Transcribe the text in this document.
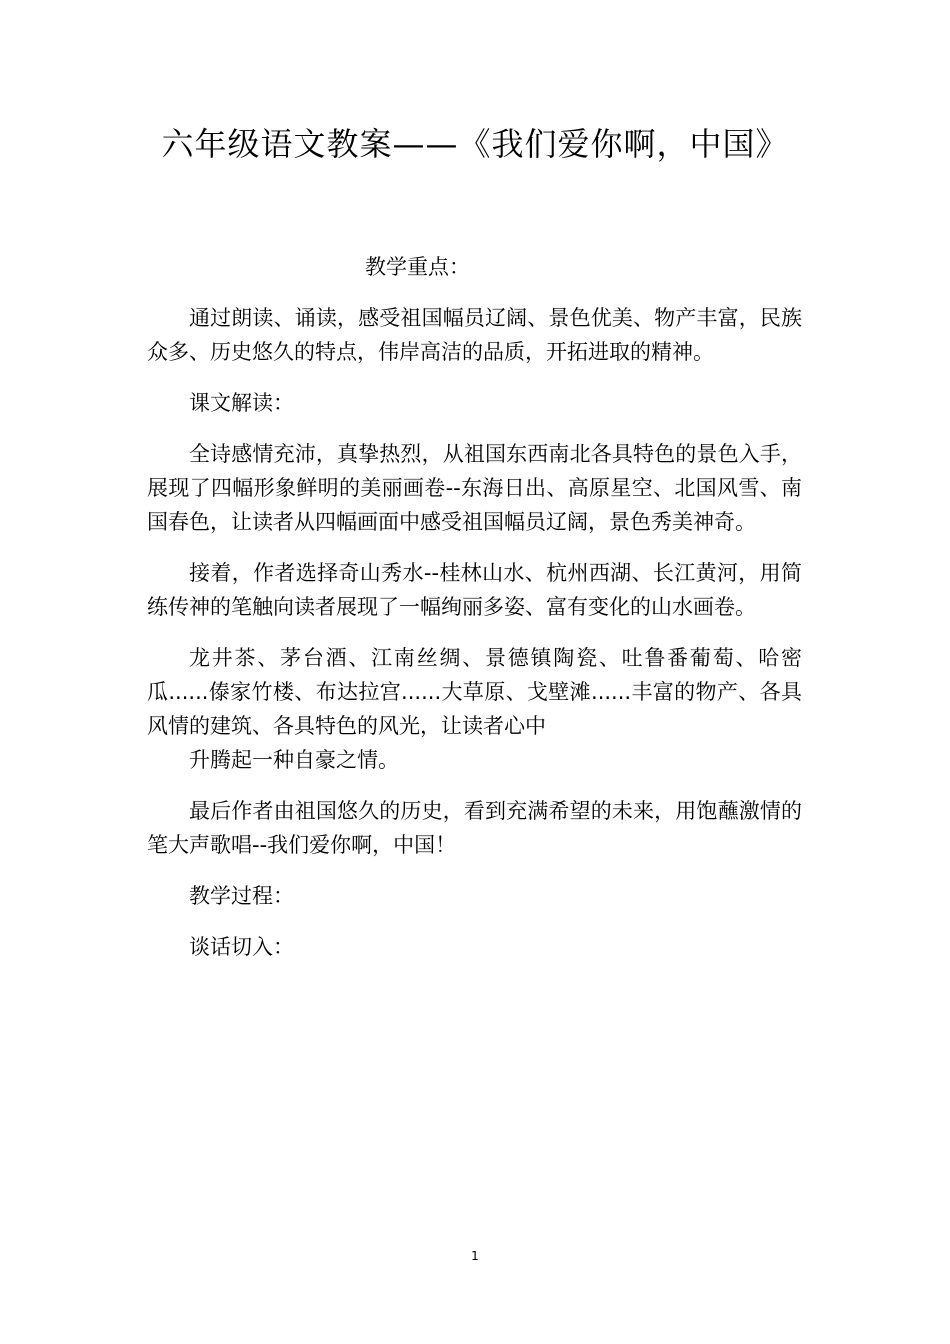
六年级语文教案——《我们爱你啊，中国》
教学重点：

通过朗读、诵读，感受祖国幅员辽阔、景色优美、物产丰富，民族众多、历史悠久的特点，伟岸高洁的品质，开拓进取的精神。

课文解读：

全诗感情充沛，真挚热烈，从祖国东西南北各具特色的景色入手，展现了四幅形象鲜明的美丽画卷--东海日出、高原星空、北国风雪、南国春色，让读者从四幅画面中感受祖国幅员辽阔，景色秀美神奇。

接着，作者选择奇山秀水--桂林山水、杭州西湖、长江黄河，用简练传神的笔触向读者展现了一幅绚丽多姿、富有变化的山水画卷。

龙井茶、茅台酒、江南丝绸、景德镇陶瓷、吐鲁番葡萄、哈密瓜......傣家竹楼、布达拉宫......大草原、戈壁滩......丰富的物产、各具风情的建筑、各具特色的风光，让读者心中

升腾起一种自豪之情。

最后作者由祖国悠久的历史，看到充满希望的未来，用饱蘸激情的笔大声歌唱--我们爱你啊，中国！

教学过程：

谈话切入：

1
